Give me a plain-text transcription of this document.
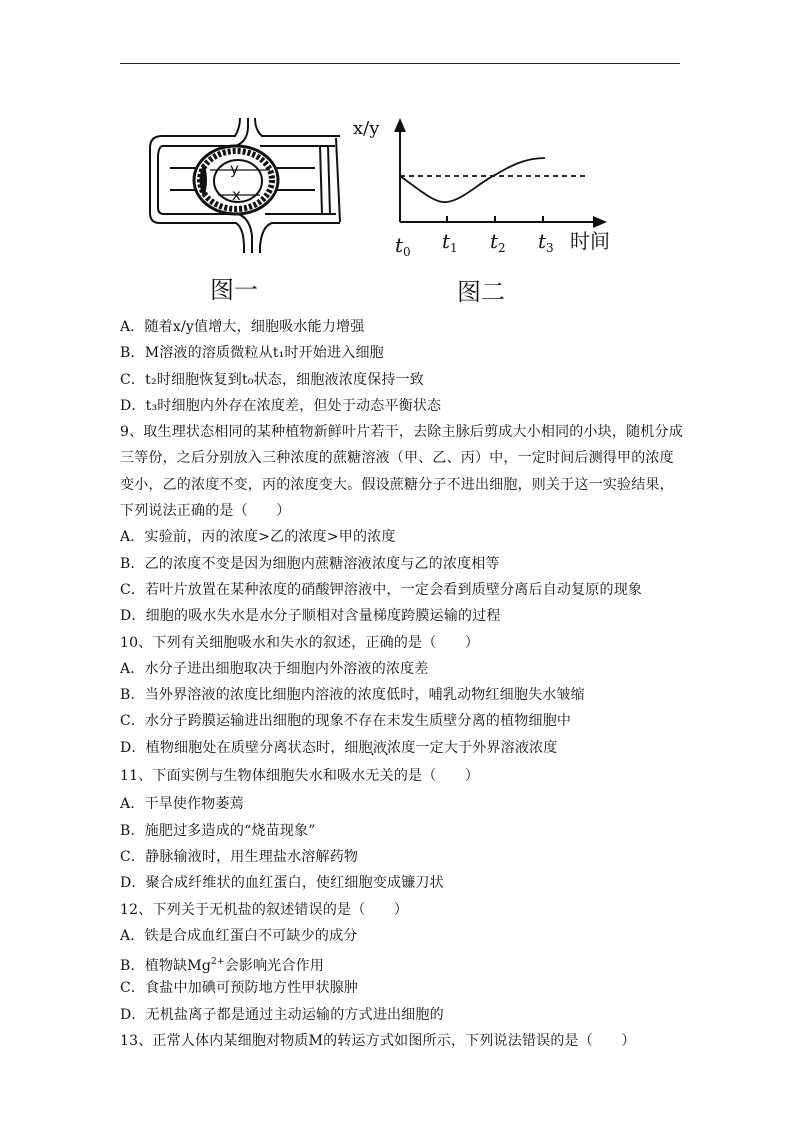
y
x
图一
x/y
$t_0$ $t_1$ $t_2$ $t_3$ 时间
图二
A．随着x/y值增大，细胞吸水能力增强
B．M溶液的溶质微粒从t₁时开始进入细胞
C．t₂时细胞恢复到t₀状态，细胞液浓度保持一致
D．t₃时细胞内外存在浓度差，但处于动态平衡状态
9、取生理状态相同的某种植物新鲜叶片若干，去除主脉后剪成大小相同的小块，随机分成
三等份，之后分别放入三种浓度的蔗糖溶液（甲、乙、丙）中，一定时间后测得甲的浓度
变小，乙的浓度不变，丙的浓度变大。假设蔗糖分子不进出细胞，则关于这一实验结果，
下列说法正确的是（　　）
A．实验前，丙的浓度>乙的浓度>甲的浓度
B．乙的浓度不变是因为细胞内蔗糖溶液浓度与乙的浓度相等
C．若叶片放置在某种浓度的硝酸钾溶液中，一定会看到质壁分离后自动复原的现象
D．细胞的吸水失水是水分子顺相对含量梯度跨膜运输的过程
10、下列有关细胞吸水和失水的叙述，正确的是（　　）
A．水分子进出细胞取决于细胞内外溶液的浓度差
B．当外界溶液的浓度比细胞内溶液的浓度低时，哺乳动物红细胞失水皱缩
C．水分子跨膜运输进出细胞的现象不存在未发生质壁分离的植物细胞中
D．植物细胞处在质壁分离状态时，细胞液浓度一定大于外界溶液浓度
11、下面实例与生物体细胞失水和吸水无关的是（　　）
A．干旱使作物萎蔫
B．施肥过多造成的“烧苗现象”
C．静脉输液时，用生理盐水溶解药物
D．聚合成纤维状的血红蛋白，使红细胞变成镰刀状
12、下列关于无机盐的叙述错误的是（　　）
A．铁是合成血红蛋白不可缺少的成分
B．植物缺$Mg^{2+}$会影响光合作用
C．食盐中加碘可预防地方性甲状腺肿
D．无机盐离子都是通过主动运输的方式进出细胞的
13、正常人体内某细胞对物质M的转运方式如图所示，下列说法错误的是（　　）
